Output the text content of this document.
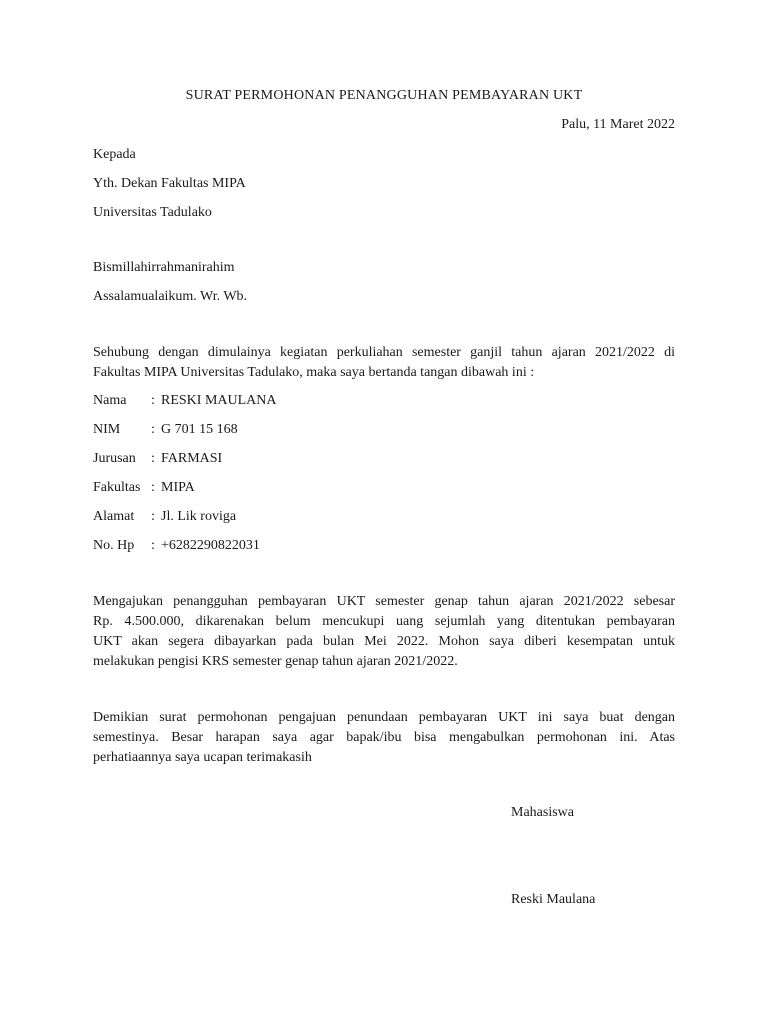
SURAT PERMOHONAN PENANGGUHAN PEMBAYARAN UKT
Palu, 11 Maret 2022
Kepada
Yth. Dekan Fakultas MIPA
Universitas Tadulako
Bismillahirrahmanirahim
Assalamualaikum. Wr. Wb.
Sehubung dengan dimulainya kegiatan perkuliahan semester ganjil tahun ajaran 2021/2022 di
Fakultas MIPA Universitas Tadulako, maka saya bertanda tangan dibawah ini :
Nama : RESKI MAULANA
NIM : G 701 15 168
Jurusan : FARMASI
Fakultas : MIPA
Alamat : Jl. Lik roviga
No. Hp : +6282290822031
Mengajukan penangguhan pembayaran UKT semester genap tahun ajaran 2021/2022 sebesar
Rp. 4.500.000, dikarenakan belum mencukupi uang sejumlah yang ditentukan pembayaran
UKT akan segera dibayarkan pada bulan Mei 2022. Mohon saya diberi kesempatan untuk
melakukan pengisi KRS semester genap tahun ajaran 2021/2022.
Demikian surat permohonan pengajuan penundaan pembayaran UKT ini saya buat dengan
semestinya. Besar harapan saya agar bapak/ibu bisa mengabulkan permohonan ini. Atas
perhatiaannya saya ucapan terimakasih
Mahasiswa
Reski Maulana
